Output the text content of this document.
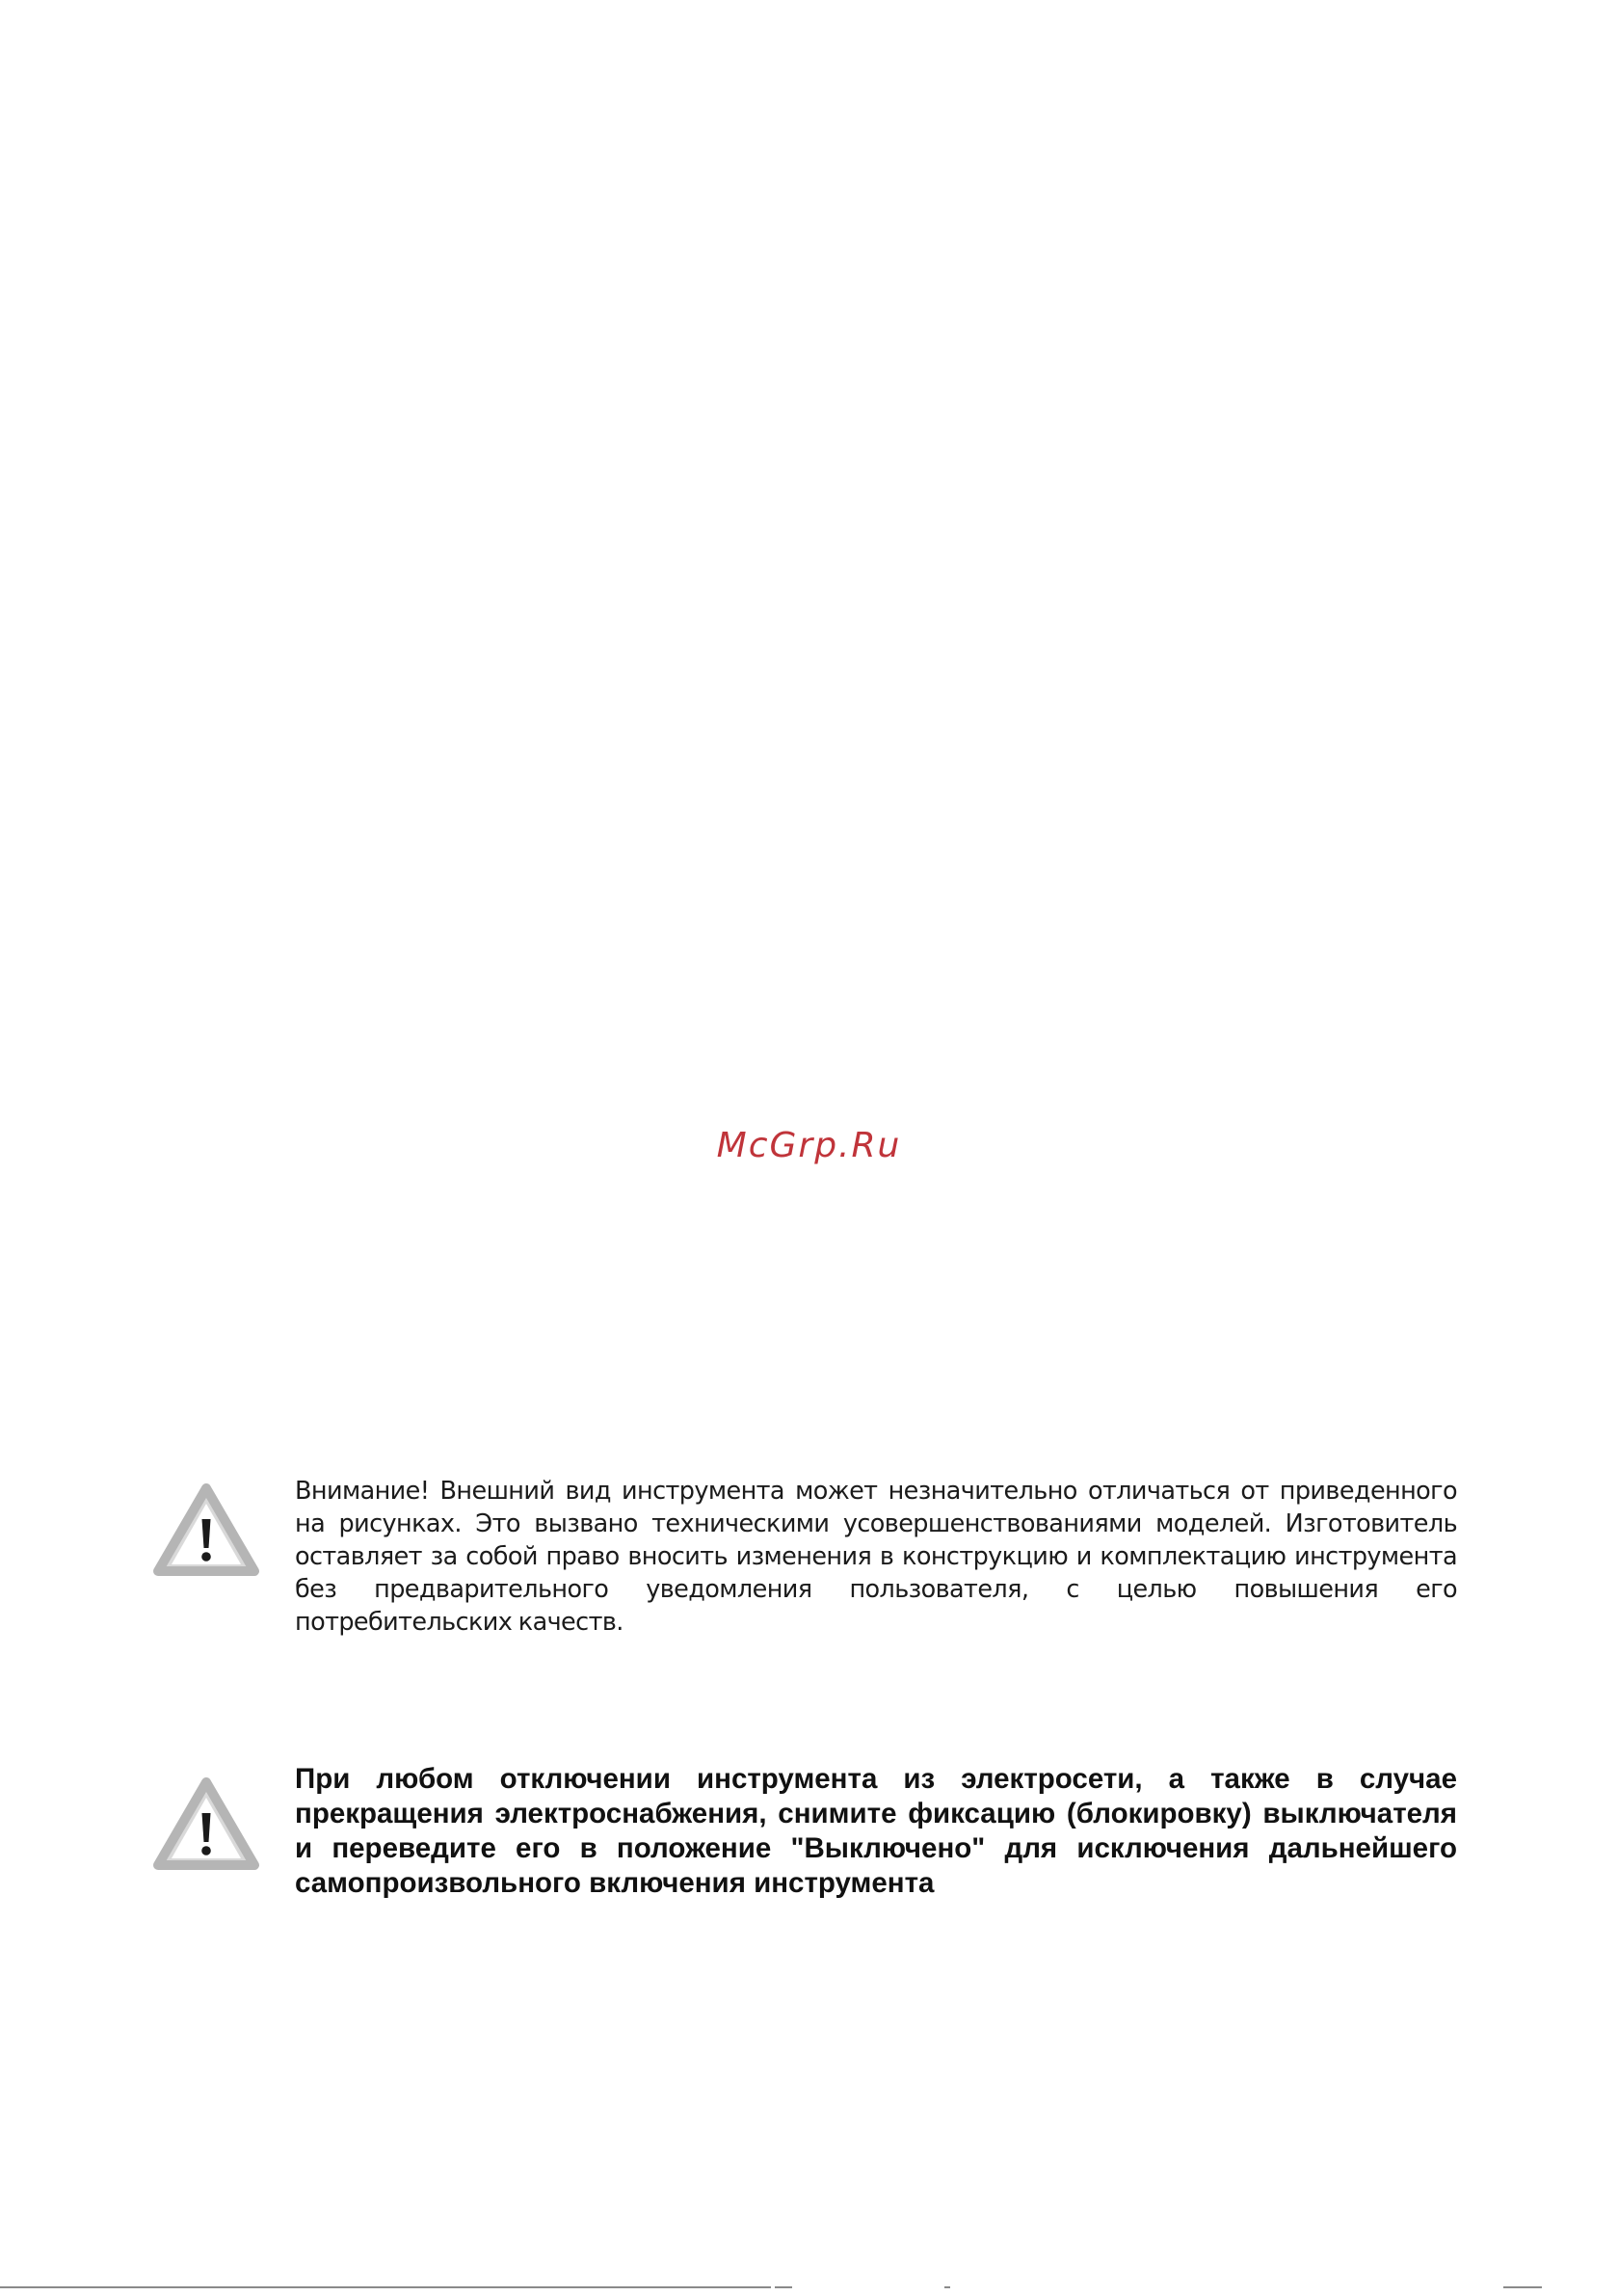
McGrp.Ru

Внимание! Внешний вид инструмента может незначительно отличаться от приведенного на рисунках. Это вызвано техническими усовершенствованиями моделей. Изготовитель оставляет за собой право вносить изменения в конструкцию и комплектацию инструмента без предварительного уведомления пользователя, с целью повышения его потребительских качеств.

При любом отключении инструмента из электросети, а также в случае прекращения электроснабжения, снимите фиксацию (блокировку) выключателя и переведите его в положение "Выключено" для исключения дальнейшего самопроизвольного включения инструмента
